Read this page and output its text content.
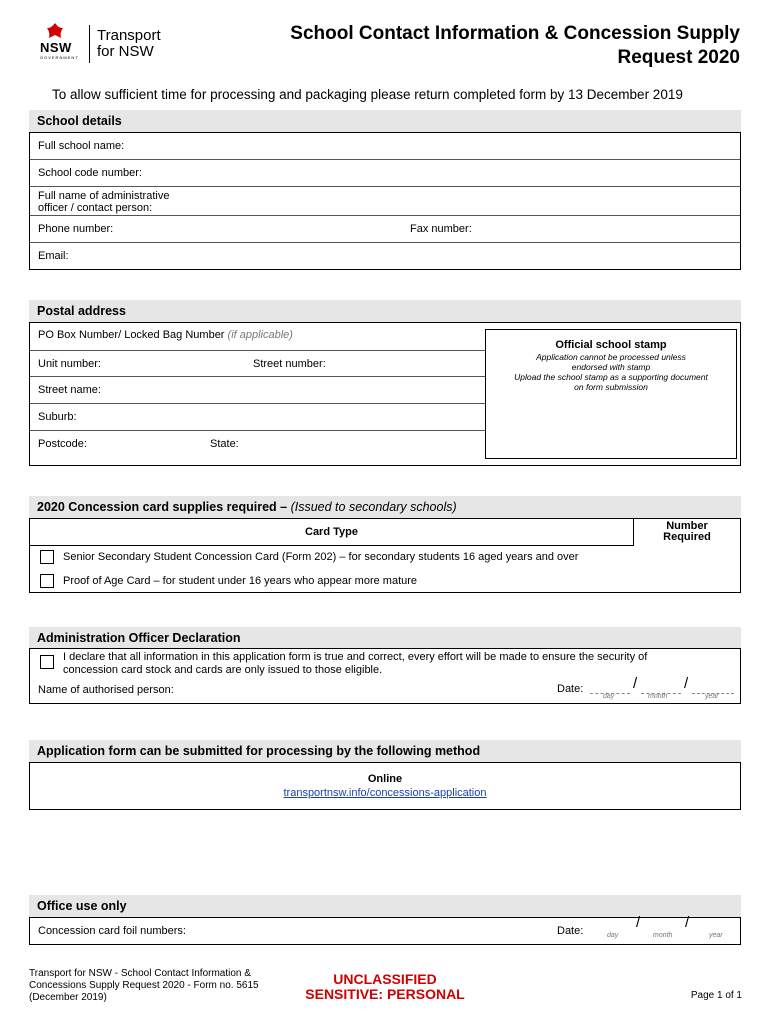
NSW
GOVERNMENT
Transport
for NSW
School Contact Information & Concession Supply
Request 2020
To allow sufficient time for processing and packaging please return completed form by 13 December 2019
School details
Full school name:
School code number:
Full name of administrative
officer / contact person:
Phone number:	Fax number:
Email:
Postal address
PO Box Number/ Locked Bag Number (if applicable)
Unit number:	Street number:
Street name:
Suburb:
Postcode:	State:
Official school stamp
Application cannot be processed unless
endorsed with stamp
Upload the school stamp as a supporting document
on form submission
2020 Concession card supplies required – (Issued to secondary schools)
Card Type	Number
Required
Senior Secondary Student Concession Card (Form 202) – for secondary students 16 aged years and over
Proof of Age Card – for student under 16 years who appear more mature
Administration Officer Declaration
I declare that all information in this application form is true and correct, every effort will be made to ensure the security of
concession card stock and cards are only issued to those eligible.
Name of authorised person:	Date:
day
/
month
/
year
Application form can be submitted for processing by the following method
Online
transportnsw.info/concessions-application
Office use only
Concession card foil numbers:	Date:	day
/
month
/
year
Transport for NSW - School Contact Information &
Concessions Supply Request 2020 - Form no. 5615
(December 2019)
UNCLASSIFIED
SENSITIVE: PERSONAL	Page 1 of 1
